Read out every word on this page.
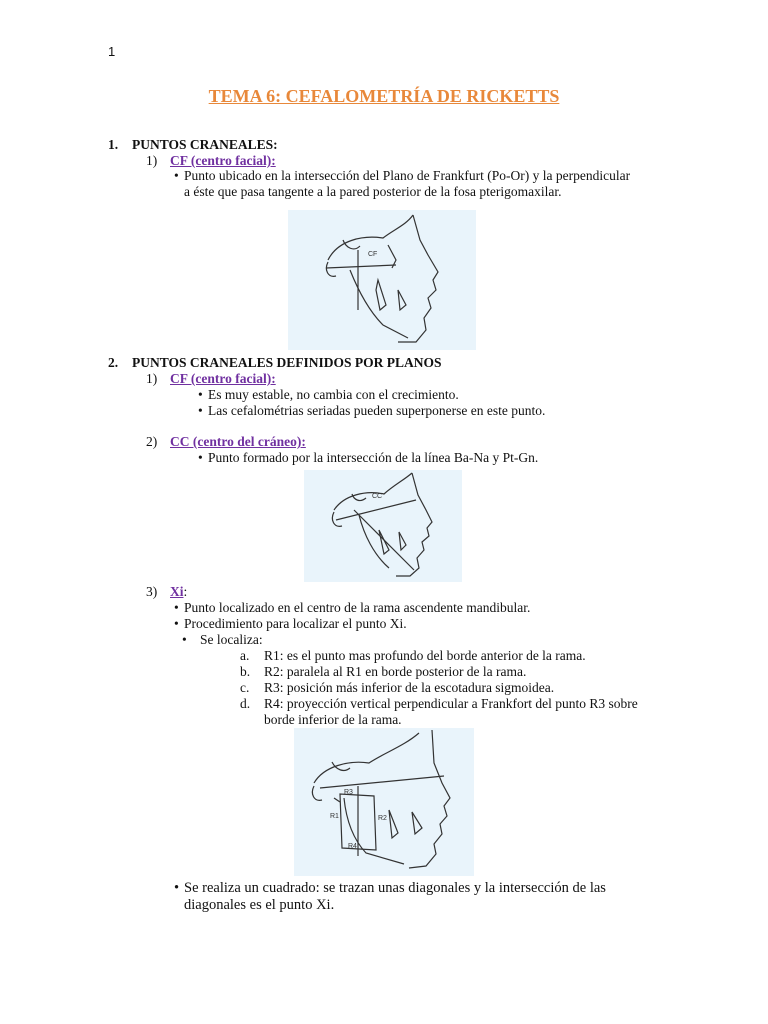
1
TEMA 6: CEFALOMETRÍA DE RICKETTS
1. PUNTOS CRANEALES:
1) CF (centro facial):
• Punto ubicado en la intersección del Plano de Frankfurt (Po-Or) y la perpendicular
a éste que pasa tangente a la pared posterior de la fosa pterigomaxilar.
CF
2. PUNTOS CRANEALES DEFINIDOS POR PLANOS
1) CF (centro facial):
• Es muy estable, no cambia con el crecimiento.
• Las cefalométrias seriadas pueden superponerse en este punto.
2) CC (centro del cráneo):
• Punto formado por la intersección de la línea Ba-Na y Pt-Gn.
CC
3) Xi:
• Punto localizado en el centro de la rama ascendente mandibular.
• Procedimiento para localizar el punto Xi.
• Se localiza:
a. R1: es el punto mas profundo del borde anterior de la rama.
b. R2: paralela al R1 en borde posterior de la rama.
c. R3: posición más inferior de la escotadura sigmoidea.
d. R4: proyección vertical perpendicular a Frankfort del punto R3 sobre
borde inferior de la rama.
R3
R1	R2
R4
• Se realiza un cuadrado: se trazan unas diagonales y la intersección de las
diagonales es el punto Xi.
